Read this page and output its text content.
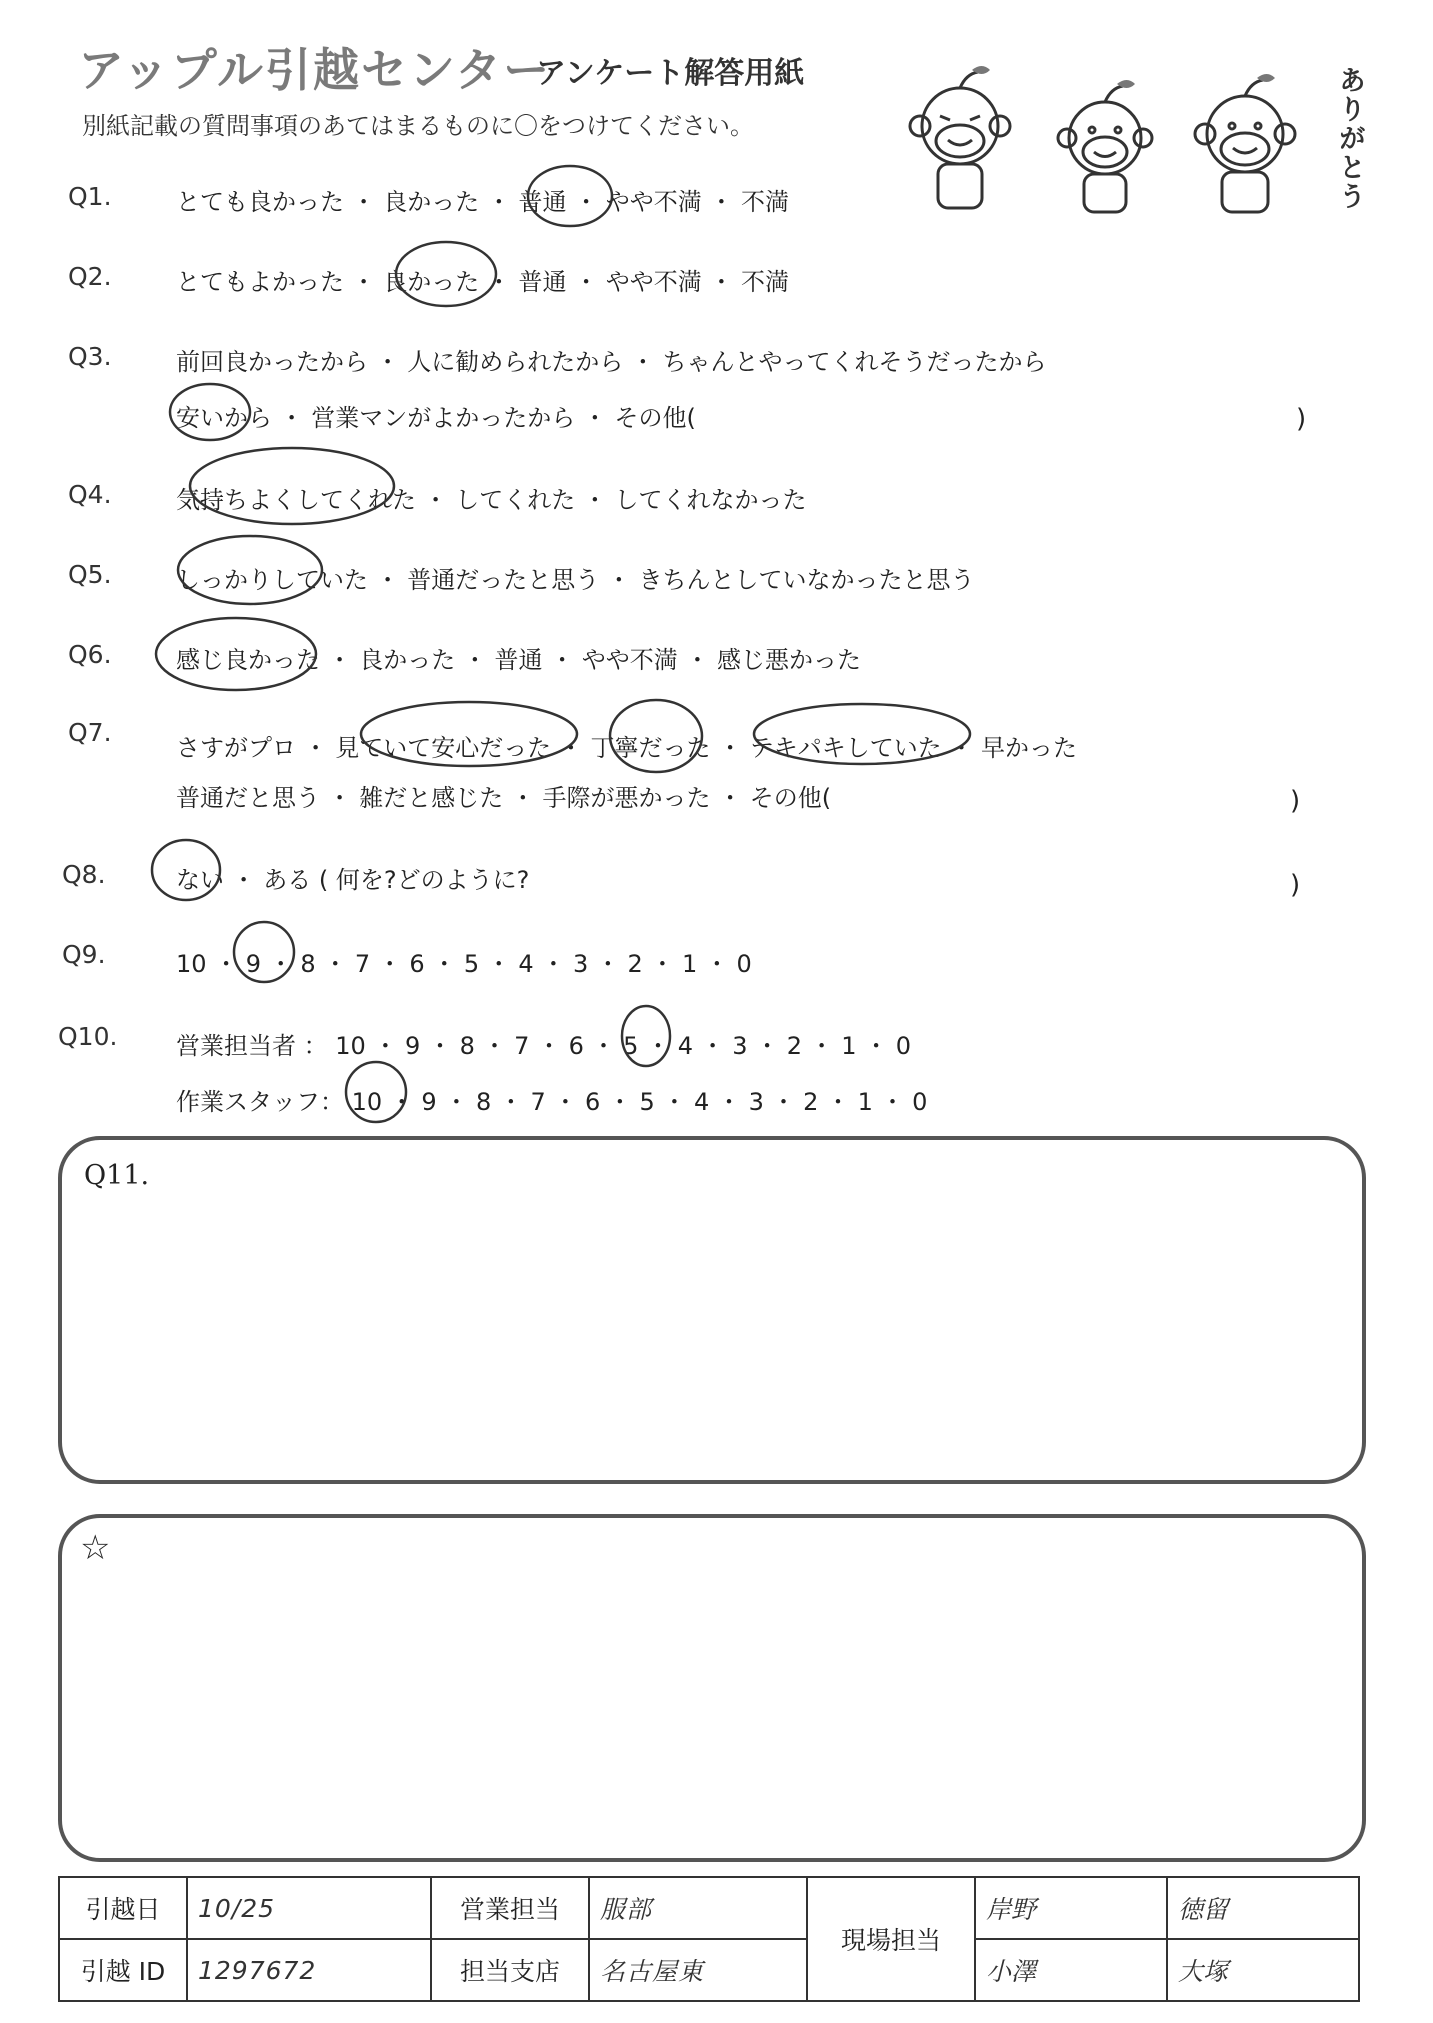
アップル引越センター
アンケート解答用紙
別紙記載の質問事項のあてはまるものに〇をつけてください。	ありがとう
Q1.	とても良かった ・ 良かった ・ 普通 ・ やや不満 ・ 不満
Q2.	とてもよかった ・ 良かった ・ 普通 ・ やや不満 ・ 不満
Q3.	前回良かったから ・ 人に勧められたから ・ ちゃんとやってくれそうだったから
安いから ・ 営業マンがよかったから ・ その他(	)
Q4.	気持ちよくしてくれた ・ してくれた ・ してくれなかった
Q5.	しっかりしていた ・ 普通だったと思う ・ きちんとしていなかったと思う
Q6.	感じ良かった ・ 良かった ・ 普通 ・ やや不満 ・ 感じ悪かった
Q7.
さすがプロ ・ 見ていて安心だった ・ 丁寧だった ・ テキパキしていた ・ 早かった
普通だと思う ・ 雑だと感じた ・ 手際が悪かった ・ その他(	)
Q8.	ない ・ ある ( 何を?どのように?	)
Q9.	10 ・ 9 ・ 8 ・ 7 ・ 6 ・ 5 ・ 4 ・ 3 ・ 2 ・ 1 ・ 0
Q10. 営業担当者 ： 10 ・ 9 ・ 8 ・ 7 ・ 6 ・ 5 ・ 4 ・ 3 ・ 2 ・ 1 ・ 0
作業スタッフ： 10 ・ 9 ・ 8 ・ 7 ・ 6 ・ 5 ・ 4 ・ 3 ・ 2 ・ 1 ・ 0
Q11.
☆
引越日	10/25	営業担当	服部	現場担当	岸野	徳留
引越 ID	1297672	担当支店	名古屋東		小澤	大塚
